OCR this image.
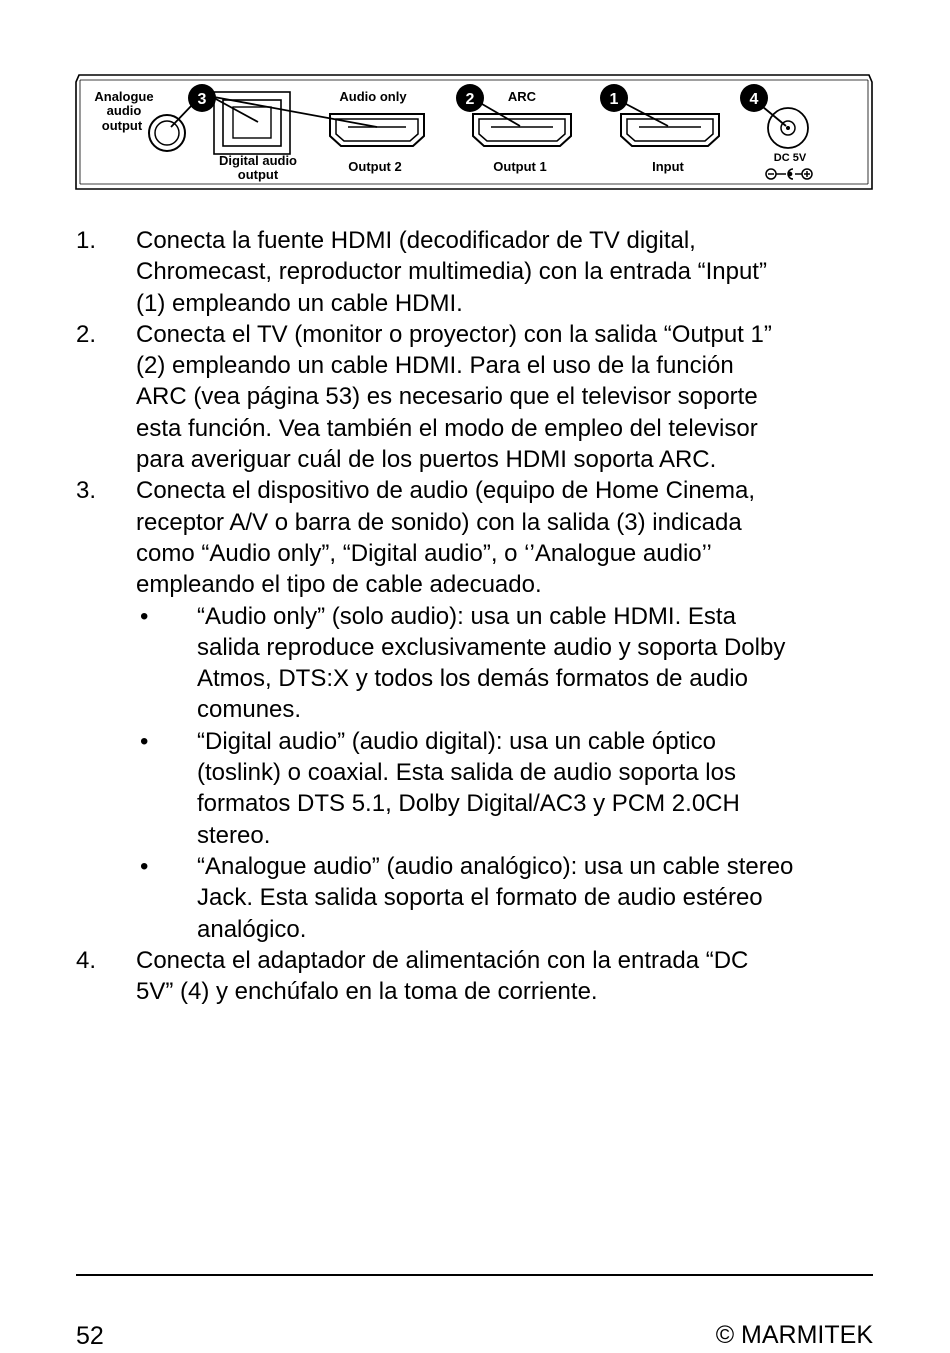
Analogue
audio
output
Digital audio
output
Audio only
Output 2
ARC
Output 1	Input
DC 5V
3	2	1	4
1. Conecta la fuente HDMI (decodificador de TV digital,
Chromecast, reproductor multimedia) con la entrada “Input”
(1) empleando un cable HDMI.
2. Conecta el TV (monitor o proyector) con la salida “Output 1”
(2) empleando un cable HDMI. Para el uso de la función
ARC (vea página 53) es necesario que el televisor soporte
esta función. Vea también el modo de empleo del televisor
para averiguar cuál de los puertos HDMI soporta ARC.
3. Conecta el dispositivo de audio (equipo de Home Cinema,
receptor A/V o barra de sonido) con la salida (3) indicada
como “Audio only”, “Digital audio”, o ‘’Analogue audio’’
empleando el tipo de cable adecuado.
• “Audio only” (solo audio): usa un cable HDMI. Esta
salida reproduce exclusivamente audio y soporta Dolby
Atmos, DTS:X y todos los demás formatos de audio
comunes.
• “Digital audio” (audio digital): usa un cable óptico
(toslink) o coaxial. Esta salida de audio soporta los
formatos DTS 5.1, Dolby Digital/AC3 y PCM 2.0CH
stereo.
• “Analogue audio” (audio analógico): usa un cable stereo
Jack. Esta salida soporta el formato de audio estéreo
analógico.
4. Conecta el adaptador de alimentación con la entrada “DC
5V” (4) y enchúfalo en la toma de corriente.
52	© MARMITEK
